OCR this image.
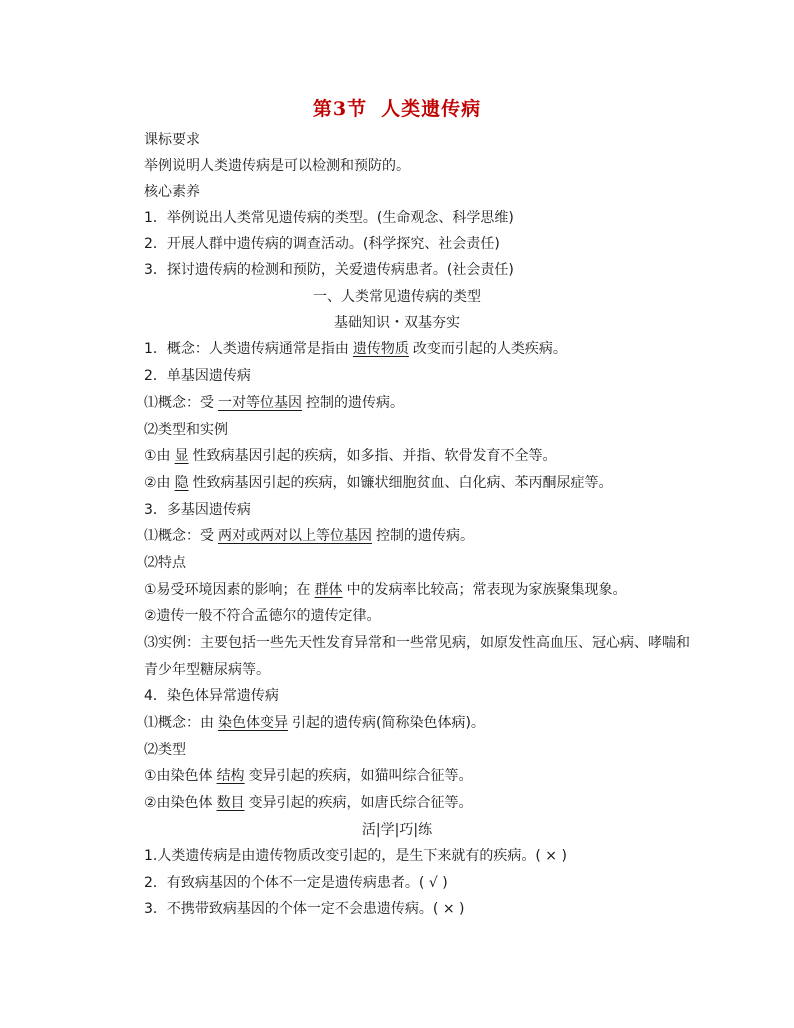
第3节 人类遗传病
课标要求
举例说明人类遗传病是可以检测和预防的。
核心素养
1．举例说出人类常见遗传病的类型。(生命观念、科学思维)
2．开展人群中遗传病的调查活动。(科学探究、社会责任)
3．探讨遗传病的检测和预防，关爱遗传病患者。(社会责任)
一、人类常见遗传病的类型
基础知识・双基夯实
1．概念：人类遗传病通常是指由 遗传物质 改变而引起的人类疾病。
2．单基因遗传病
⑴概念：受 一对等位基因 控制的遗传病。
⑵类型和实例
①由 显 性致病基因引起的疾病，如多指、并指、软骨发育不全等。
②由 隐 性致病基因引起的疾病，如镰状细胞贫血、白化病、苯丙酮尿症等。
3．多基因遗传病
⑴概念：受 两对或两对以上等位基因 控制的遗传病。
⑵特点
①易受环境因素的影响；在 群体 中的发病率比较高；常表现为家族聚集现象。
②遗传一般不符合孟德尔的遗传定律。
⑶实例：主要包括一些先天性发育异常和一些常见病，如原发性高血压、冠心病、哮喘和
青少年型糖尿病等。
4．染色体异常遗传病
⑴概念：由 染色体变异 引起的遗传病(简称染色体病)。
⑵类型
①由染色体 结构 变异引起的疾病，如猫叫综合征等。
②由染色体 数目 变异引起的疾病，如唐氏综合征等。
活|学|巧|练
1.人类遗传病是由遗传物质改变引起的，是生下来就有的疾病。( × )
2．有致病基因的个体不一定是遗传病患者。( √ )
3．不携带致病基因的个体一定不会患遗传病。( × )
